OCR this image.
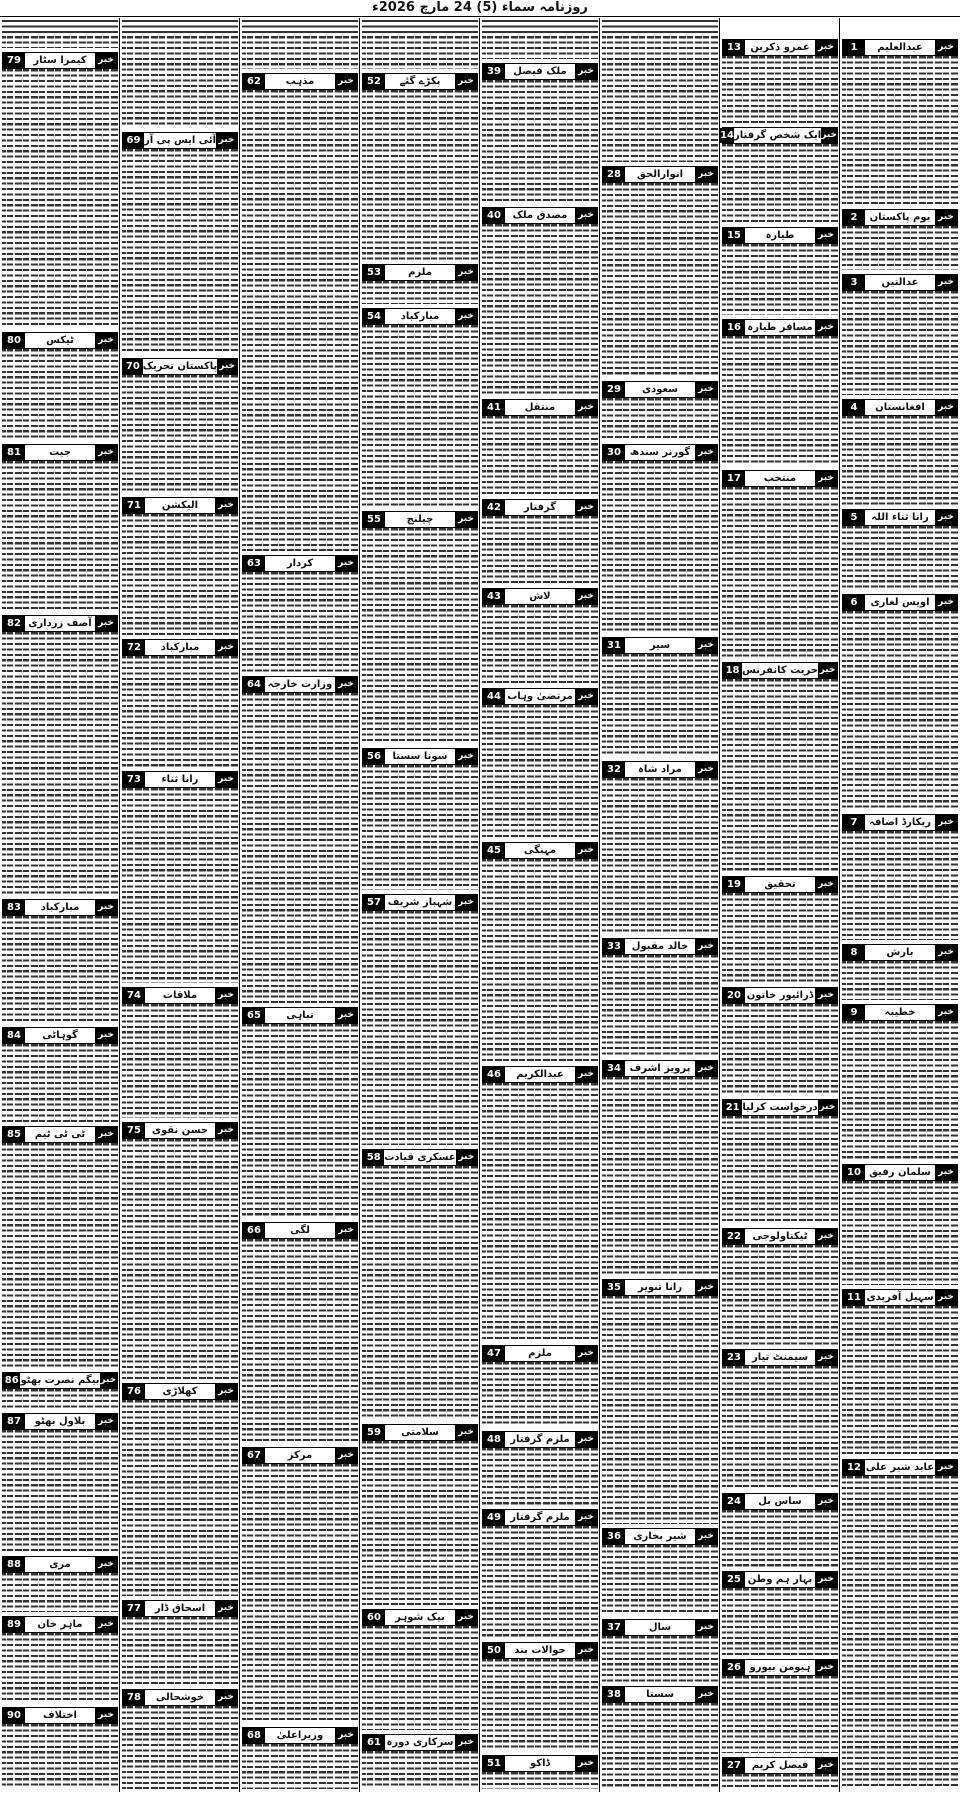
روزنامہ سماء (5) 24 مارچ 2026ء
خبر
عبدالعلیم
1
خبر
یوم پاکستان
2
خبر
عدالتیں
3
خبر
افغانستان
4
خبر
رانا ثناء اللہ
5
خبر
اویس لغاری
6
خبر
ریکارڈ اضافہ
7
خبر
بارش
8
خبر
خطیبہ
9
خبر
سلمان رفیق
10
خبر
سہیل آفریدی
11
خبر
عابد شیر علی
12
خبر
عمرو ذکرین
13
خبر
ایک شخص گرفتار
14
خبر
طیارہ
15
خبر
مسافر طیارہ
16
خبر
منتخب
17
خبر
حریت کانفرنس
18
خبر
تحقیق
19
خبر
ڈرائیور خاتون
20
خبر
درخواست کرلیا
21
خبر
ٹیکناولوجی
22
خبر
سیمنٹ تیار
23
خبر
ساس بل
24
خبر
بہار ہم وطن
25
خبر
ہیومن بیورو
26
خبر
فیصل کریم
27
خبر
انوارالحق
28
خبر
سعودی
29
خبر
گورنر سندھ
30
خبر
سیر
31
خبر
مراد شاہ
32
خبر
خالد مقبول
33
خبر
پرویز اشرف
34
خبر
رانا تنویر
35
خبر
شیر بخاری
36
خبر
سال
37
خبر
سستا
38
خبر
ملک فیصل
39
خبر
مصدق ملک
40
خبر
منتقل
41
خبر
گرفتار
42
خبر
لاش
43
خبر
مرتضیٰ وہاب
44
خبر
مہنگی
45
خبر
عبدالکریم
46
خبر
ملزم
47
خبر
ملزم گرفتار
48
خبر
ملزم گرفتار
49
خبر
حوالات بند
50
خبر
ڈاکو
51
خبر
پکڑے گئے
52
خبر
ملزم
53
خبر
مبارکباد
54
خبر
چیلنج
55
خبر
سونا سستا
56
خبر
شہباز شریف
57
خبر
عسکری قیادت
58
خبر
سلامتی
59
خبر
بیک شوہر
60
خبر
سرکاری دورہ
61
خبر
مذہب
62
خبر
کردار
63
خبر
وزارت خارجہ
64
خبر
تباہی
65
خبر
لگی
66
خبر
مرکز
67
خبر
وزیراعلیٰ
68
خبر
آئی ایس پی آر
69
خبر
پاکستان تحریک
70
خبر
الیکشن
71
خبر
مبارکباد
72
خبر
رانا ثناء
73
خبر
ملاقات
74
خبر
حسن نقوی
75
خبر
کھلاڑی
76
خبر
اسحاق ڈار
77
خبر
خوشحالی
78
خبر
کیمرا سٹار
79
خبر
ٹیکس
80
خبر
جیت
81
خبر
آصف زرداری
82
خبر
مبارکباد
83
خبر
گوہاٹی
84
خبر
ٹی ٹی ٹیم
85
خبر
بیگم نصرت بھٹو
86
خبر
بلاول بھٹو
87
خبر
مری
88
خبر
ماہر خان
89
خبر
اختلاف
90
